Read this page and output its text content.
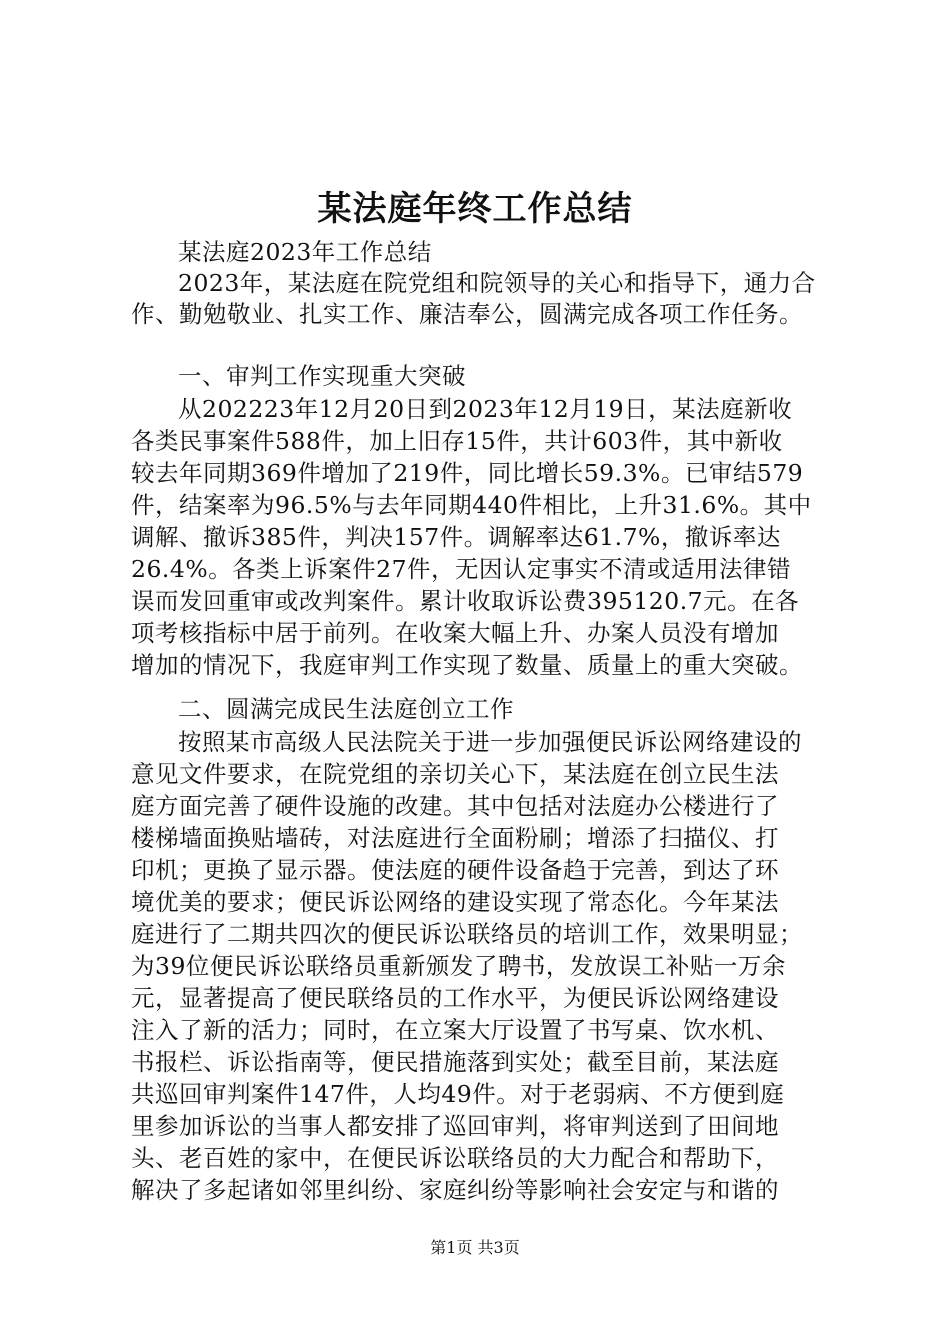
某法庭年终工作总结
某法庭2023年工作总结
2023年，某法庭在院党组和院领导的关心和指导下，通力合
作、勤勉敬业、扎实工作、廉洁奉公，圆满完成各项工作任务。
一、审判工作实现重大突破
从202223年12月20日到2023年12月19日，某法庭新收
各类民事案件588件，加上旧存15件，共计603件，其中新收
较去年同期369件增加了219件，同比增长59.3%。已审结579
件，结案率为96.5%与去年同期440件相比，上升31.6%。其中
调解、撤诉385件，判决157件。调解率达61.7%，撤诉率达
26.4%。各类上诉案件27件，无因认定事实不清或适用法律错
误而发回重审或改判案件。累计收取诉讼费395120.7元。在各
项考核指标中居于前列。在收案大幅上升、办案人员没有增加
增加的情况下，我庭审判工作实现了数量、质量上的重大突破。
二、圆满完成民生法庭创立工作
按照某市高级人民法院关于进一步加强便民诉讼网络建设的
意见文件要求，在院党组的亲切关心下，某法庭在创立民生法
庭方面完善了硬件设施的改建。其中包括对法庭办公楼进行了
楼梯墙面换贴墙砖，对法庭进行全面粉刷；增添了扫描仪、打
印机；更换了显示器。使法庭的硬件设备趋于完善，到达了环
境优美的要求；便民诉讼网络的建设实现了常态化。今年某法
庭进行了二期共四次的便民诉讼联络员的培训工作，效果明显；
为39位便民诉讼联络员重新颁发了聘书，发放误工补贴一万余
元，显著提高了便民联络员的工作水平，为便民诉讼网络建设
注入了新的活力；同时，在立案大厅设置了书写桌、饮水机、
书报栏、诉讼指南等，便民措施落到实处；截至目前，某法庭
共巡回审判案件147件，人均49件。对于老弱病、不方便到庭
里参加诉讼的当事人都安排了巡回审判，将审判送到了田间地
头、老百姓的家中，在便民诉讼联络员的大力配合和帮助下，
解决了多起诸如邻里纠纷、家庭纠纷等影响社会安定与和谐的
第1页 共3页
